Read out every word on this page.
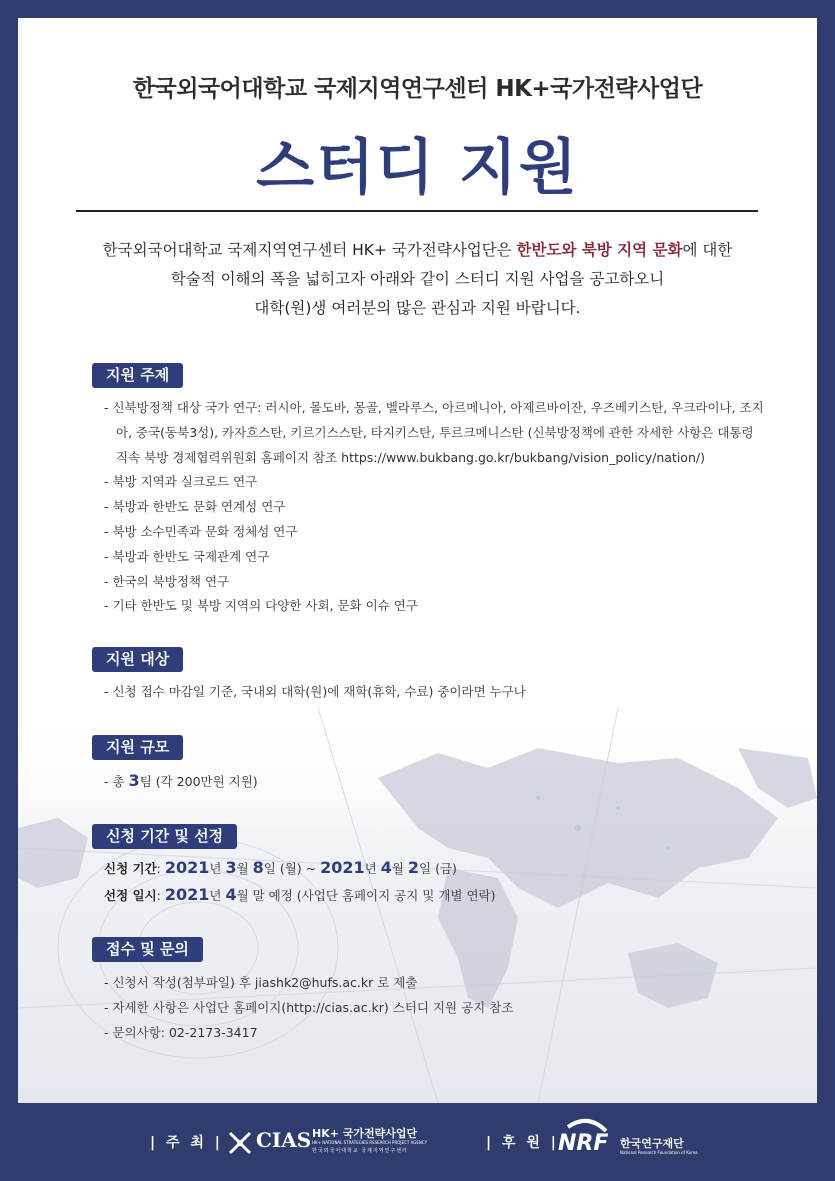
한국외국어대학교 국제지역연구센터 HK+국가전략사업단
스터디 지원
한국외국어대학교 국제지역연구센터 HK+ 국가전략사업단은 한반도와 북방 지역 문화에 대한
학술적 이해의 폭을 넓히고자 아래와 같이 스터디 지원 사업을 공고하오니
대학(원)생 여러분의 많은 관심과 지원 바랍니다.
지원 주제
- 신북방정책 대상 국가 연구: 러시아, 몰도바, 몽골, 벨라루스, 아르메니아, 아제르바이잔, 우즈베키스탄, 우크라이나, 조지아, 중국(동북3성), 카자흐스탄, 키르기스스탄, 타지키스탄, 투르크메니스탄 (신북방정책에 관한 자세한 사항은 대통령 직속 북방 경제협력위원회 홈페이지 참조 https://www.bukbang.go.kr/bukbang/vision_policy/nation/)
- 북방 지역과 실크로드 연구
- 북방과 한반도 문화 연계성 연구
- 북방 소수민족과 문화 정체성 연구
- 북방과 한반도 국제관계 연구
- 한국의 북방정책 연구
- 기타 한반도 및 북방 지역의 다양한 사회, 문화 이슈 연구
지원 대상
- 신청 접수 마감일 기준, 국내외 대학(원)에 재학(휴학, 수료) 중이라면 누구나
지원 규모
- 총 3팀 (각 200만원 지원)
신청 기간 및 선정
신청 기간: 2021년 3월 8일 (월) ~ 2021년 4월 2일 (금)
선정 일시: 2021년 4월 말 예정 (사업단 홈페이지 공지 및 개별 연락)
접수 및 문의
- 신청서 작성(첨부파일) 후 jiashk2@hufs.ac.kr 로 제출
- 자세한 사항은 사업단 홈페이지(http://cias.ac.kr) 스터디 지원 공지 참조
- 문의사항: 02-2173-3417
| 주 최 | CIAS HK+ 국가전략사업단
HK+ NATIONAL STRATEGIES RESEARCH PROJECT AGENCY
한국외국어대학교 국제지역연구센터	| 후 원 | NRF 한국연구재단
National Research Foundation of Korea
